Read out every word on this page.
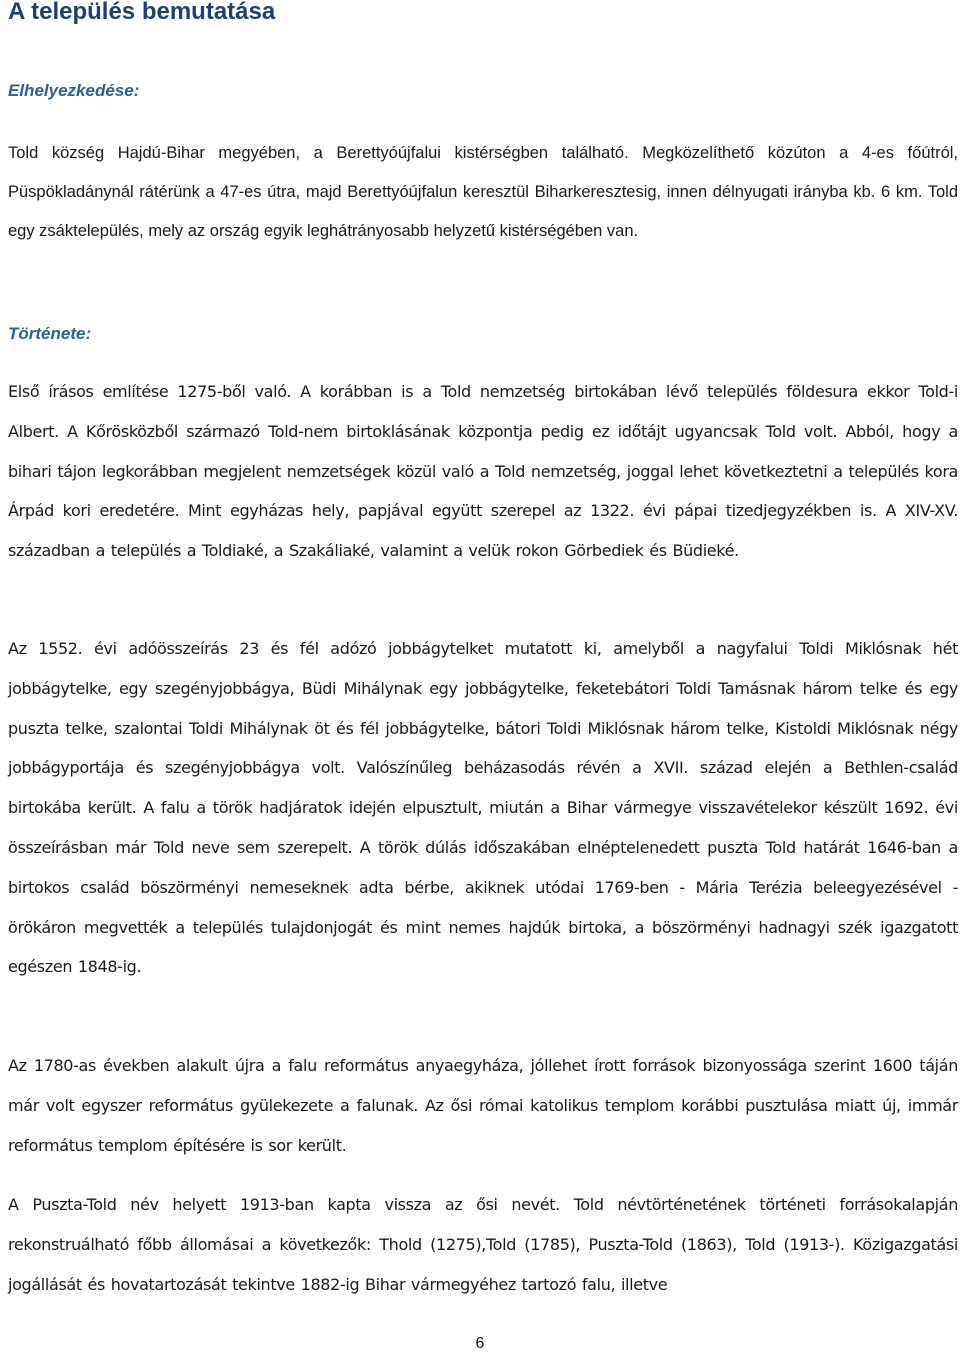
A település bemutatása
Elhelyezkedése:

Told község Hajdú-Bihar megyében, a Berettyóújfalui kistérségben található. Megközelíthető közúton a 4-es főútról, Püspökladánynál rátérünk a 47-es útra, majd Berettyóújfalun keresztül Biharkeresztesig, innen délnyugati irányba kb. 6 km. Told egy zsáktelepülés, mely az ország egyik leghátrányosabb helyzetű kistérségében van.

Története:

Első írásos említése 1275-ből való. A korábban is a Told nemzetség birtokában lévő település földesura ekkor Told-i Albert. A Kőrösközből származó Told-nem birtoklásának központja pedig ez időtájt ugyancsak Told volt. Abból, hogy a bihari tájon legkorábban megjelent nemzetségek közül való a Told nemzetség, joggal lehet következtetni a település kora Árpád kori eredetére. Mint egyházas hely, papjával együtt szerepel az 1322. évi pápai tizedjegyzékben is. A XIV-XV. században a település a Toldiaké, a Szakáliaké, valamint a velük rokon Görbediek és Büdieké.

Az 1552. évi adóösszeírás 23 és fél adózó jobbágytelket mutatott ki, amelyből a nagyfalui Toldi Miklósnak hét jobbágytelke, egy szegényjobbágya, Büdi Mihálynak egy jobbágytelke, feketebátori Toldi Tamásnak három telke és egy puszta telke, szalontai Toldi Mihálynak öt és fél jobbágytelke, bátori Toldi Miklósnak három telke, Kistoldi Miklósnak négy jobbágyportája és szegényjobbágya volt. Valószínűleg beházasodás révén a XVII. század elején a Bethlen-család birtokába került. A falu a török hadjáratok idején elpusztult, miután a Bihar vármegye visszavételekor készült 1692. évi összeírásban már Told neve sem szerepelt. A török dúlás időszakában elnéptelenedett puszta Told határát 1646-ban a birtokos család böszörményi nemeseknek adta bérbe, akiknek utódai 1769-ben - Mária Terézia beleegyezésével - örökáron megvették a település tulajdonjogát és mint nemes hajdúk birtoka, a böszörményi hadnagyi szék igazgatott egészen 1848-ig.

Az 1780-as években alakult újra a falu református anyaegyháza, jóllehet írott források bizonyossága szerint 1600 táján már volt egyszer református gyülekezete a falunak. Az ősi római katolikus templom korábbi pusztulása miatt új, immár református templom építésére is sor került.

A Puszta-Told név helyett 1913-ban kapta vissza az ősi nevét. Told névtörténetének történeti forrásokalapján rekonstruálható főbb állomásai a következők: Thold (1275),Told (1785), Puszta-Told (1863), Told (1913-). Közigazgatási jogállását és hovatartozását tekintve 1882-ig Bihar vármegyéhez tartozó falu, illetve

6
